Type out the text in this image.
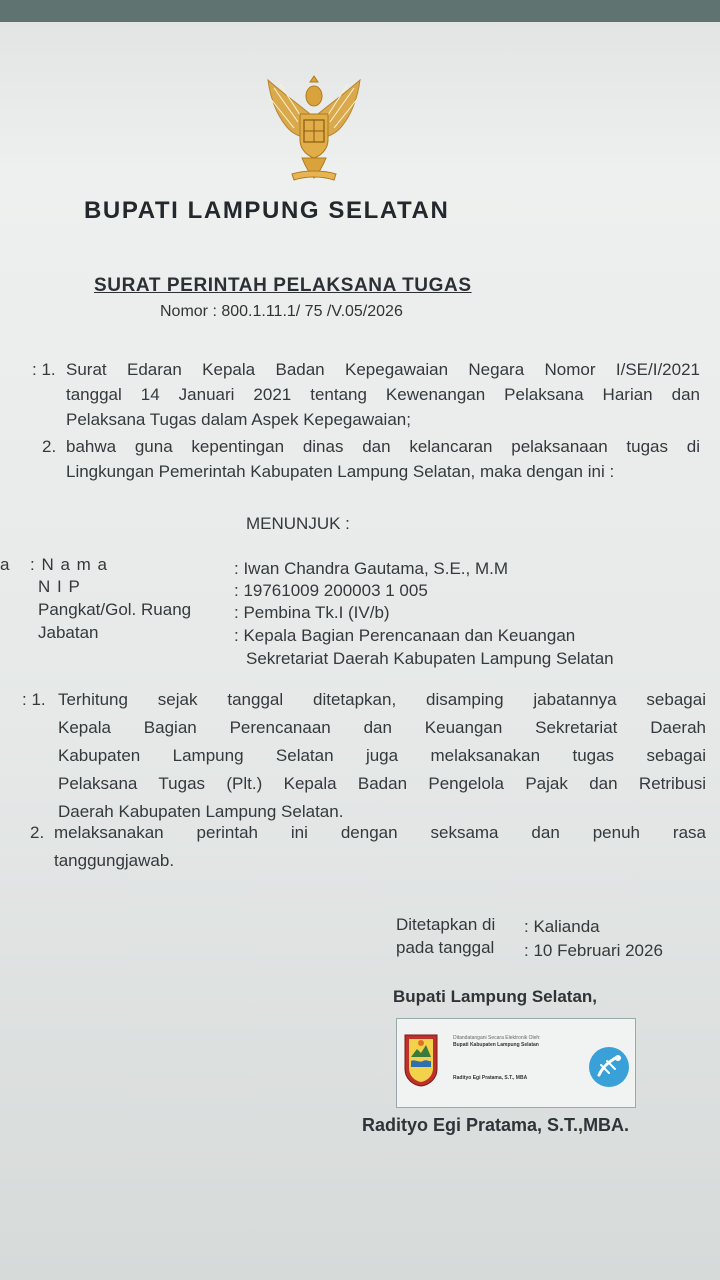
BUPATI LAMPUNG SELATAN
SURAT PERINTAH PELAKSANA TUGAS
Nomor : 800.1.11.1/ 75 /V.05/2026
: 1. Surat Edaran Kepala Badan Kepegawaian Negara Nomor I/SE/I/2021
tanggal 14 Januari 2021 tentang Kewenangan Pelaksana Harian dan
Pelaksana Tugas dalam Aspek Kepegawaian;
2. bahwa guna kepentingan dinas dan kelancaran pelaksanaan tugas di
Lingkungan Pemerintah Kabupaten Lampung Selatan, maka dengan ini :
MENUNJUK :
a : N a m a	: Iwan Chandra Gautama, S.E., M.M
N I P	: 19761009 200003 1 005
Pangkat/Gol. Ruang	: Pembina Tk.I (IV/b)
Jabatan	: Kepala Bagian Perencanaan dan Keuangan
Sekretariat Daerah Kabupaten Lampung Selatan
: 1. Terhitung sejak tanggal ditetapkan, disamping jabatannya sebagai
Kepala Bagian Perencanaan dan Keuangan Sekretariat Daerah
Kabupaten Lampung Selatan juga melaksanakan tugas sebagai
Pelaksana Tugas (Plt.) Kepala Badan Pengelola Pajak dan Retribusi
Daerah Kabupaten Lampung Selatan.
2. melaksanakan perintah ini dengan seksama dan penuh rasa
tanggungjawab.
Ditetapkan di : Kalianda
pada tanggal : 10 Februari 2026
Bupati Lampung Selatan,
Ditandatangani Secara Elektronik Oleh:
Bupati Kabupaten Lampung Selatan
Radityo Egi Pratama, S.T., MBA
Radityo Egi Pratama, S.T.,MBA.
